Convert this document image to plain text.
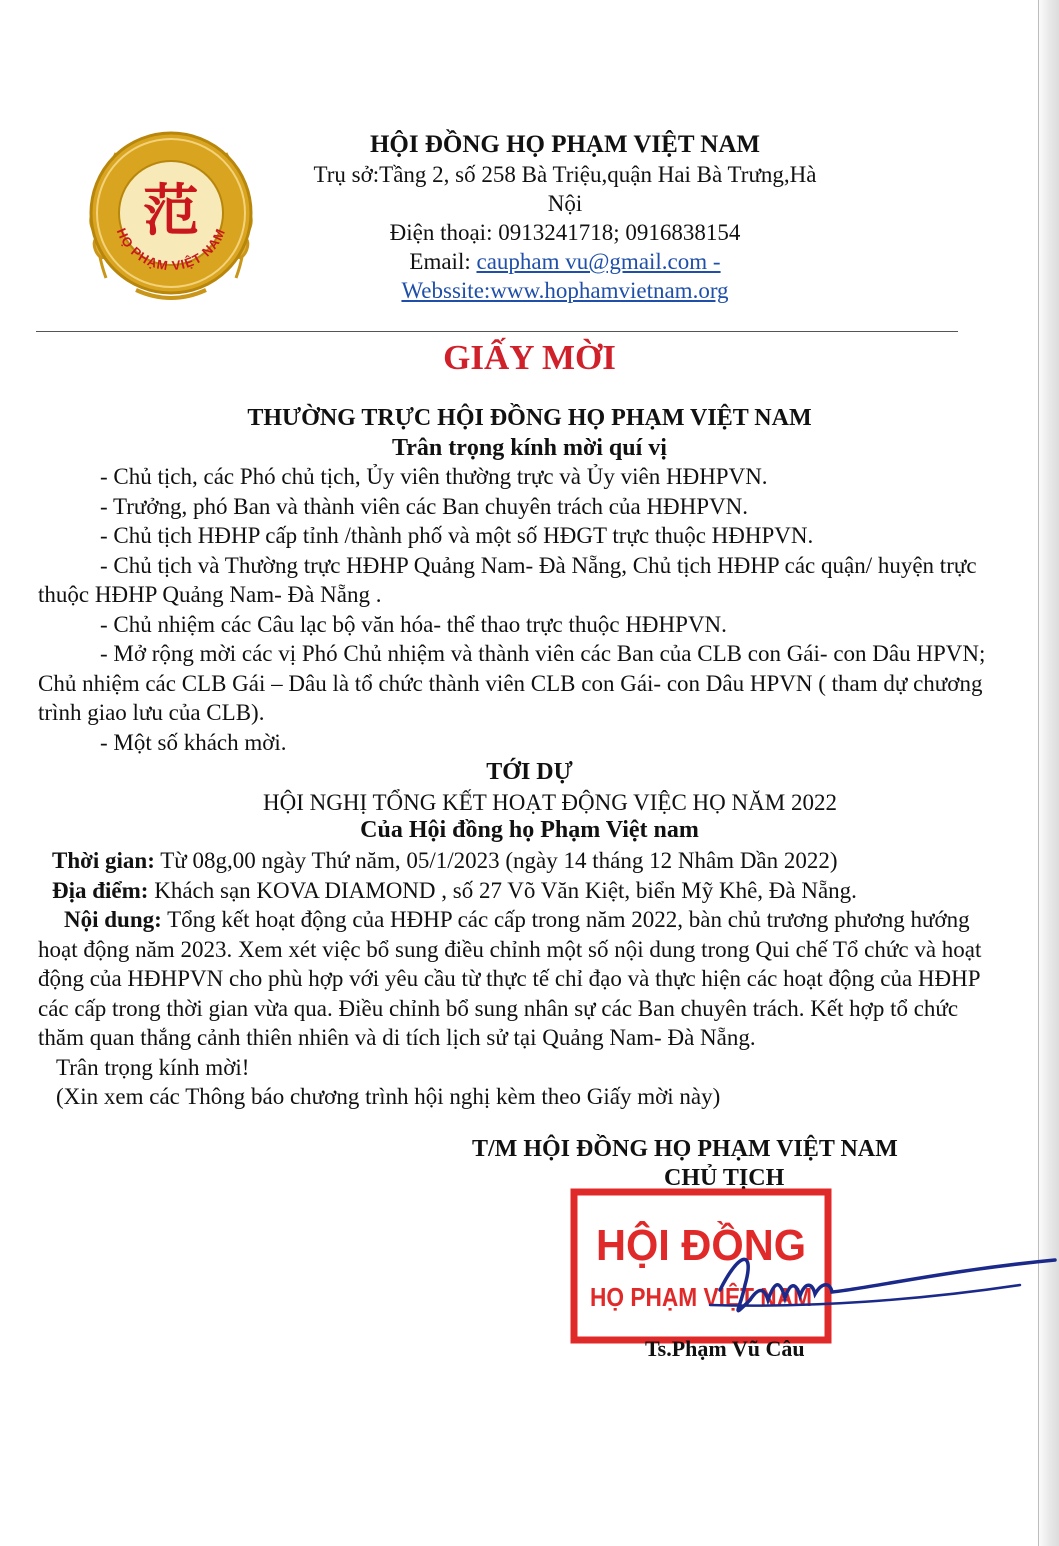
范
HỌ PHẠM VIỆT NAM
HỘI ĐỒNG HỌ PHẠM VIỆT NAM
Trụ sở:Tầng 2, số 258 Bà Triệu,quận Hai Bà Trưng,Hà Nội
Điện thoại: 0913241718; 0916838154
Email: caupham vu@gmail.com -
Webssite:www.hophamvietnam.org
GIẤY MỜI
THƯỜNG TRỰC HỘI ĐỒNG HỌ PHẠM VIỆT NAM
Trân trọng kính mời quí vị

- Chủ tịch, các Phó chủ tịch, Ủy viên thường trực và Ủy viên HĐHPVN.

- Trưởng, phó Ban và thành viên các Ban chuyên trách của HĐHPVN.

- Chủ tịch HĐHP cấp tỉnh /thành phố và một số HĐGT trực thuộc HĐHPVN.

- Chủ tịch và Thường trực HĐHP Quảng Nam- Đà Nẵng, Chủ tịch HĐHP các quận/ huyện trực thuộc HĐHP Quảng Nam- Đà Nẵng .

- Chủ nhiệm các Câu lạc bộ văn hóa- thể thao trực thuộc HĐHPVN.

- Mở rộng mời các vị Phó Chủ nhiệm và thành viên các Ban của CLB con Gái- con Dâu HPVN; Chủ nhiệm các CLB Gái – Dâu là tổ chức thành viên CLB con Gái- con Dâu HPVN ( tham dự chương trình giao lưu của CLB).

- Một số khách mời.

TỚI DỰ
HỘI NGHỊ TỔNG KẾT HOẠT ĐỘNG VIỆC HỌ NĂM 2022
Của Hội đồng họ Phạm Việt nam

Thời gian: Từ 08g,00 ngày Thứ năm, 05/1/2023 (ngày 14 tháng 12 Nhâm Dần 2022)

Địa điểm: Khách sạn KOVA DIAMOND , số 27 Võ Văn Kiệt, biển Mỹ Khê, Đà Nẵng.

Nội dung: Tổng kết hoạt động của HĐHP các cấp trong năm 2022, bàn chủ trương phương hướng hoạt động năm 2023. Xem xét việc bổ sung điều chỉnh một số nội dung trong Qui chế Tổ chức và hoạt động của HĐHPVN cho phù hợp với yêu cầu từ thực tế chỉ đạo và thực hiện các hoạt động của HĐHP các cấp trong thời gian vừa qua. Điều chỉnh bổ sung nhân sự các Ban chuyên trách. Kết hợp tổ chức thăm quan thắng cảnh thiên nhiên và di tích lịch sử tại Quảng Nam- Đà Nẵng.

Trân trọng kính mời!

(Xin xem các Thông báo chương trình hội nghị kèm theo Giấy mời này)

T/M HỘI ĐỒNG HỌ PHẠM VIỆT NAM
CHỦ TỊCH
HỘI ĐỒNG
HỌ PHẠM VIỆT NAM
Ts.Phạm Vũ Câu
